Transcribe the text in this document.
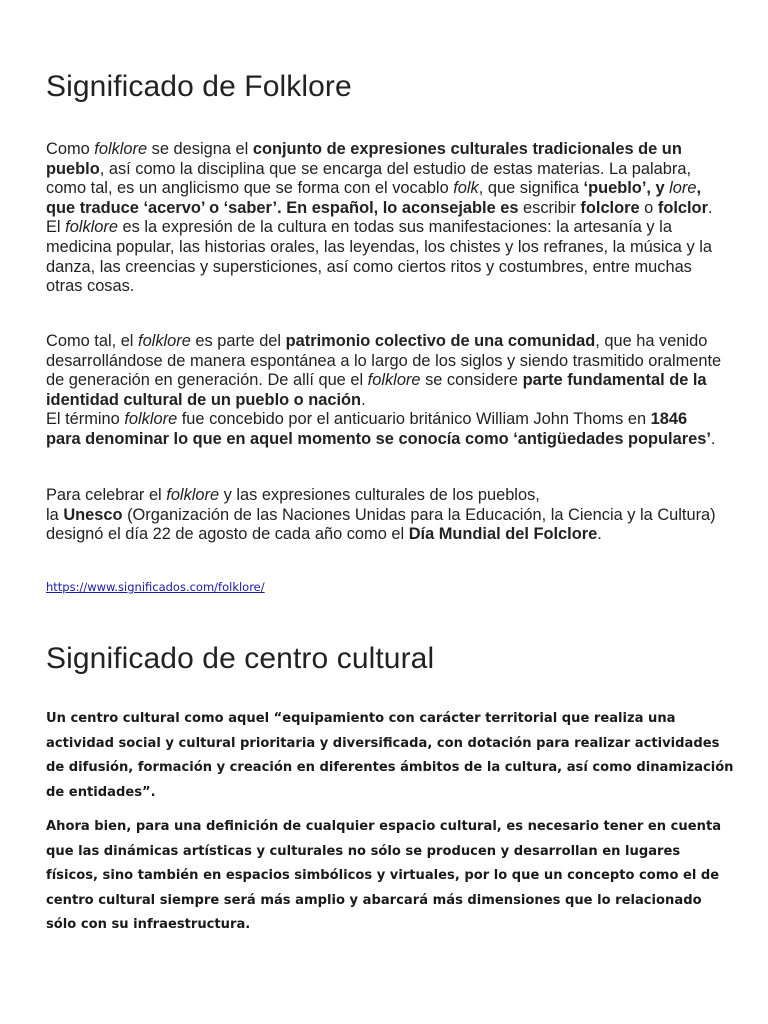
Significado de Folklore

Como folklore se designa el conjunto de expresiones culturales tradicionales de un pueblo, así como la disciplina que se encarga del estudio de estas materias. La palabra, como tal, es un anglicismo que se forma con el vocablo folk, que significa ‘pueblo’, y lore, que traduce ‘acervo’ o ‘saber’. En español, lo aconsejable es escribir folclore o folclor.
El folklore es la expresión de la cultura en todas sus manifestaciones: la artesanía y la medicina popular, las historias orales, las leyendas, los chistes y los refranes, la música y la danza, las creencias y supersticiones, así como ciertos ritos y costumbres, entre muchas otras cosas.

Como tal, el folklore es parte del patrimonio colectivo de una comunidad, que ha venido desarrollándose de manera espontánea a lo largo de los siglos y siendo trasmitido oralmente de generación en generación. De allí que el folklore se considere parte fundamental de la identidad cultural de un pueblo o nación.
El término folklore fue concebido por el anticuario británico William John Thoms en 1846 para denominar lo que en aquel momento se conocía como ‘antigüedades populares’.

Para celebrar el folklore y las expresiones culturales de los pueblos,
la Unesco (Organización de las Naciones Unidas para la Educación, la Ciencia y la Cultura) designó el día 22 de agosto de cada año como el Día Mundial del Folclore.

https://www.significados.com/folklore/
Significado de centro cultural

Un centro cultural como aquel “equipamiento con carácter territorial que realiza una actividad social y cultural prioritaria y diversificada, con dotación para realizar actividades de difusión, formación y creación en diferentes ámbitos de la cultura, así como dinamización de entidades”.

Ahora bien, para una definición de cualquier espacio cultural, es necesario tener en cuenta que las dinámicas artísticas y culturales no sólo se producen y desarrollan en lugares físicos, sino también en espacios simbólicos y virtuales, por lo que un concepto como el de centro cultural siempre será más amplio y abarcará más dimensiones que lo relacionado sólo con su infraestructura.
